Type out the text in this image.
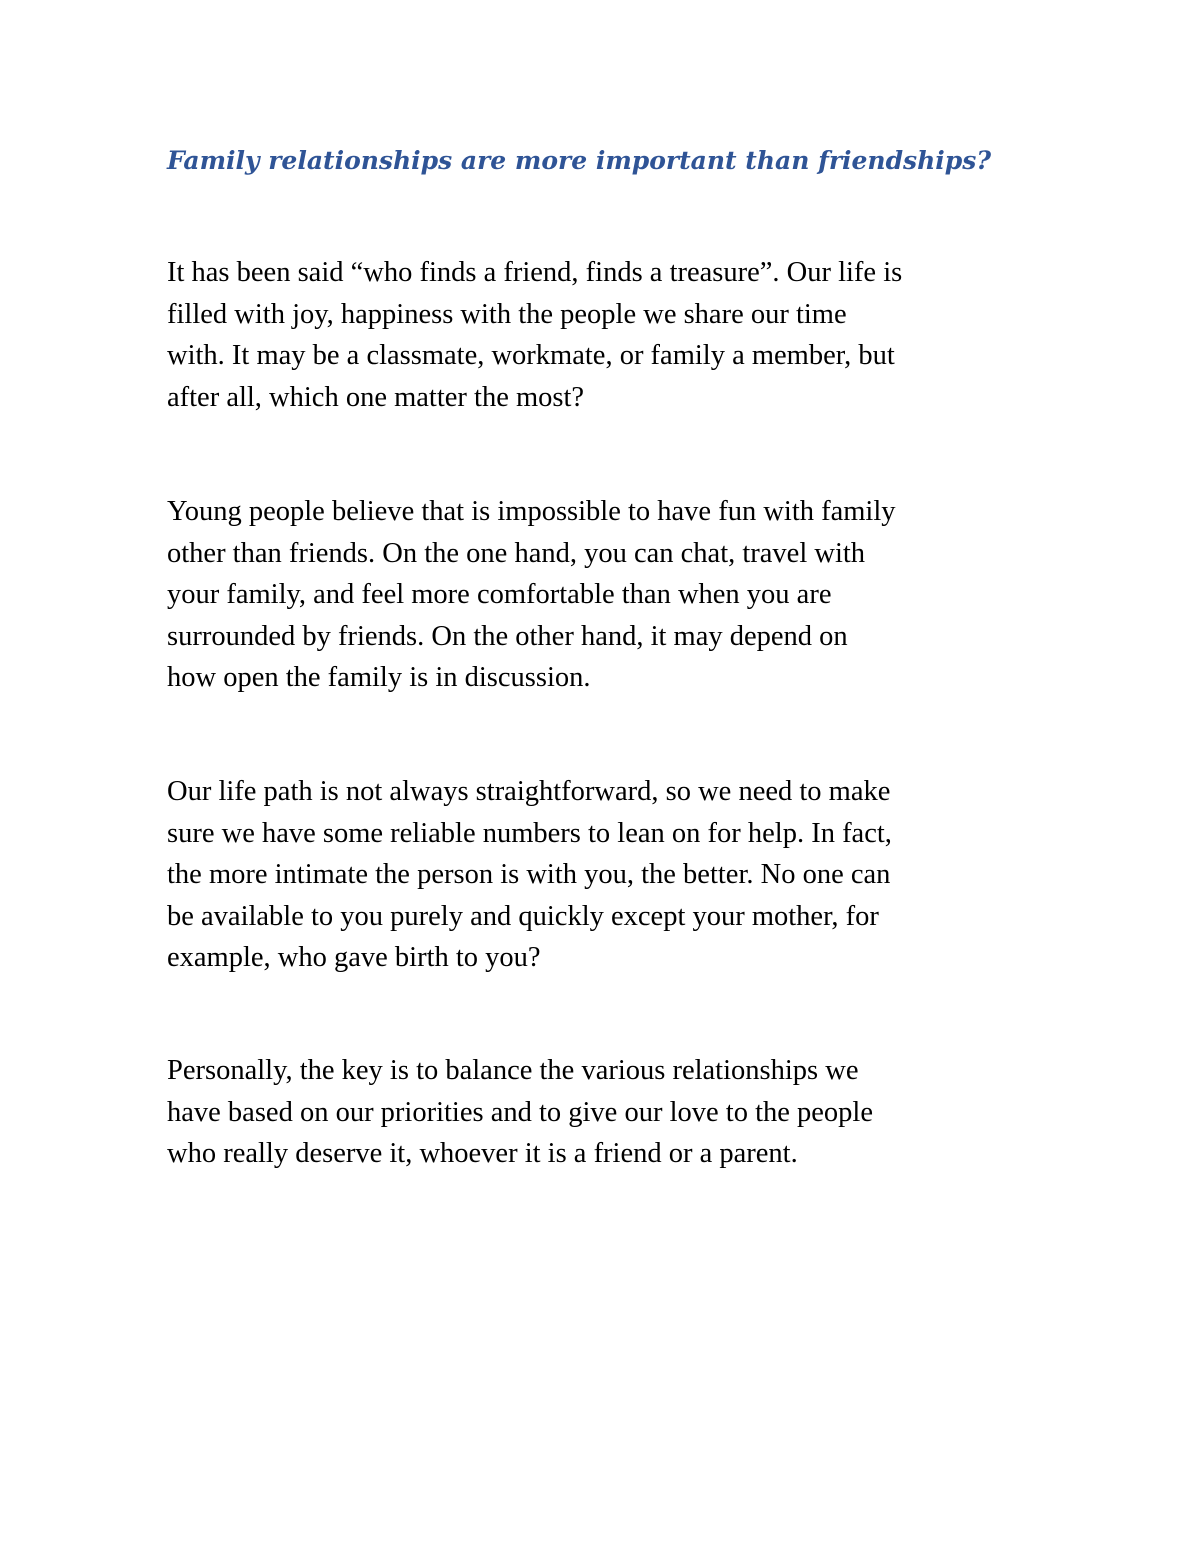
Family relationships are more important than friendships?

It has been said “who finds a friend, finds a treasure”. Our life is
filled with joy, happiness with the people we share our time
with. It may be a classmate, workmate, or family a member, but
after all, which one matter the most?

Young people believe that is impossible to have fun with family
other than friends. On the one hand, you can chat, travel with
your family, and feel more comfortable than when you are
surrounded by friends. On the other hand, it may depend on
how open the family is in discussion.

Our life path is not always straightforward, so we need to make
sure we have some reliable numbers to lean on for help. In fact,
the more intimate the person is with you, the better. No one can
be available to you purely and quickly except your mother, for
example, who gave birth to you?

Personally, the key is to balance the various relationships we
have based on our priorities and to give our love to the people
who really deserve it, whoever it is a friend or a parent.
